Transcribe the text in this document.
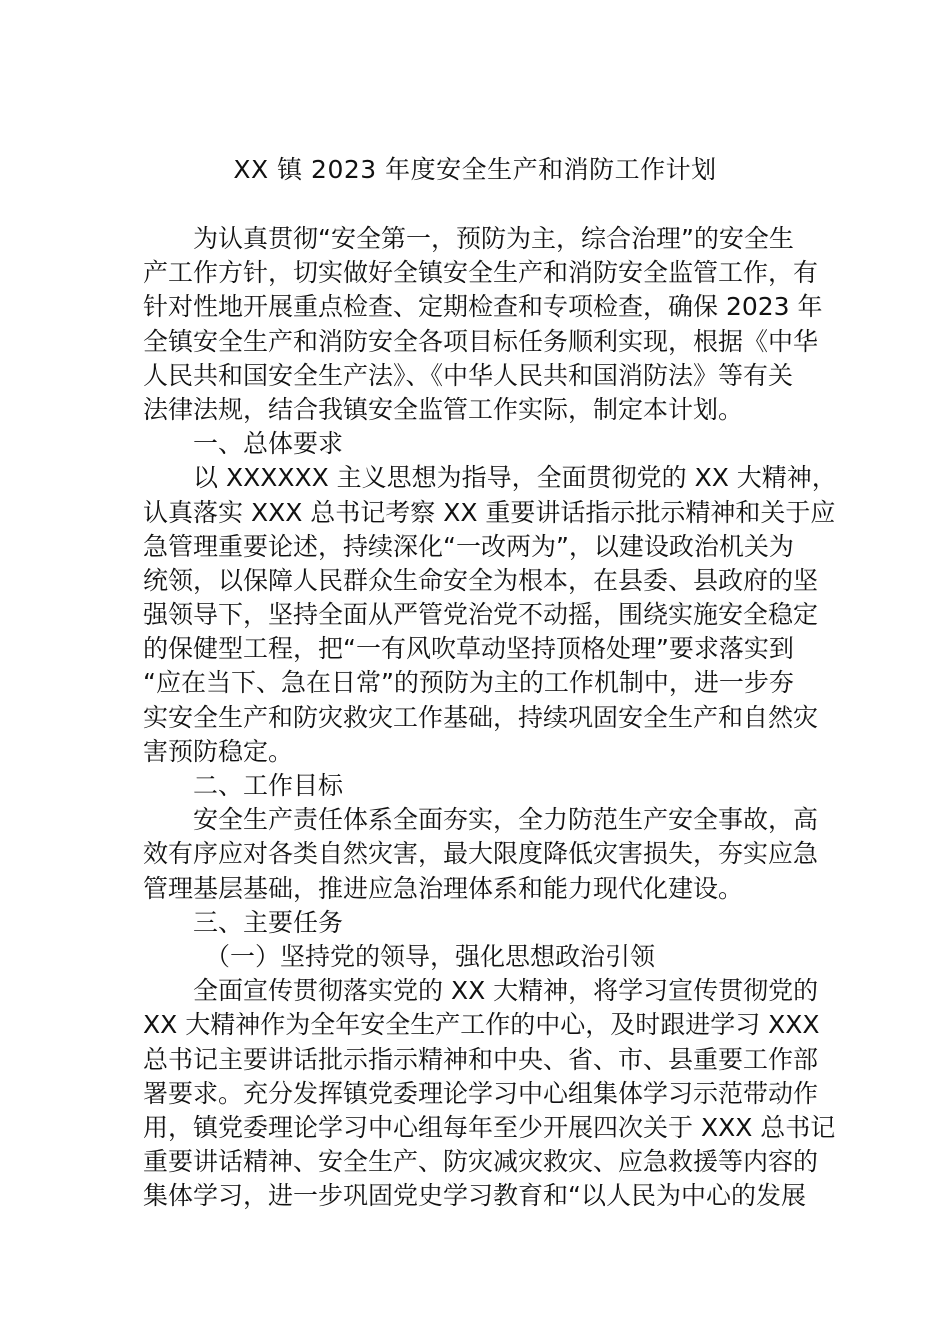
XX 镇 2023 年度安全生产和消防工作计划
为认真贯彻“安全第一，预防为主，综合治理”的安全生
产工作方针，切实做好全镇安全生产和消防安全监管工作，有
针对性地开展重点检查、定期检查和专项检查，确保 2023 年
全镇安全生产和消防安全各项目标任务顺利实现，根据《中华
人民共和国安全生产法》、《中华人民共和国消防法》等有关
法律法规，结合我镇安全监管工作实际，制定本计划。
一、总体要求
以 XXXXXX 主义思想为指导，全面贯彻党的 XX 大精神，
认真落实 XXX 总书记考察 XX 重要讲话指示批示精神和关于应
急管理重要论述，持续深化“一改两为”，以建设政治机关为
统领，以保障人民群众生命安全为根本，在县委、县政府的坚
强领导下，坚持全面从严管党治党不动摇，围绕实施安全稳定
的保健型工程，把“一有风吹草动坚持顶格处理”要求落实到
“应在当下、急在日常”的预防为主的工作机制中，进一步夯
实安全生产和防灾救灾工作基础，持续巩固安全生产和自然灾
害预防稳定。
二、工作目标
安全生产责任体系全面夯实，全力防范生产安全事故，高
效有序应对各类自然灾害，最大限度降低灾害损失，夯实应急
管理基层基础，推进应急治理体系和能力现代化建设。
三、主要任务
（一）坚持党的领导，强化思想政治引领
全面宣传贯彻落实党的 XX 大精神，将学习宣传贯彻党的
XX 大精神作为全年安全生产工作的中心，及时跟进学习 XXX
总书记主要讲话批示指示精神和中央、省、市、县重要工作部
署要求。充分发挥镇党委理论学习中心组集体学习示范带动作
用，镇党委理论学习中心组每年至少开展四次关于 XXX 总书记
重要讲话精神、安全生产、防灾减灾救灾、应急救援等内容的
集体学习，进一步巩固党史学习教育和“以人民为中心的发展
